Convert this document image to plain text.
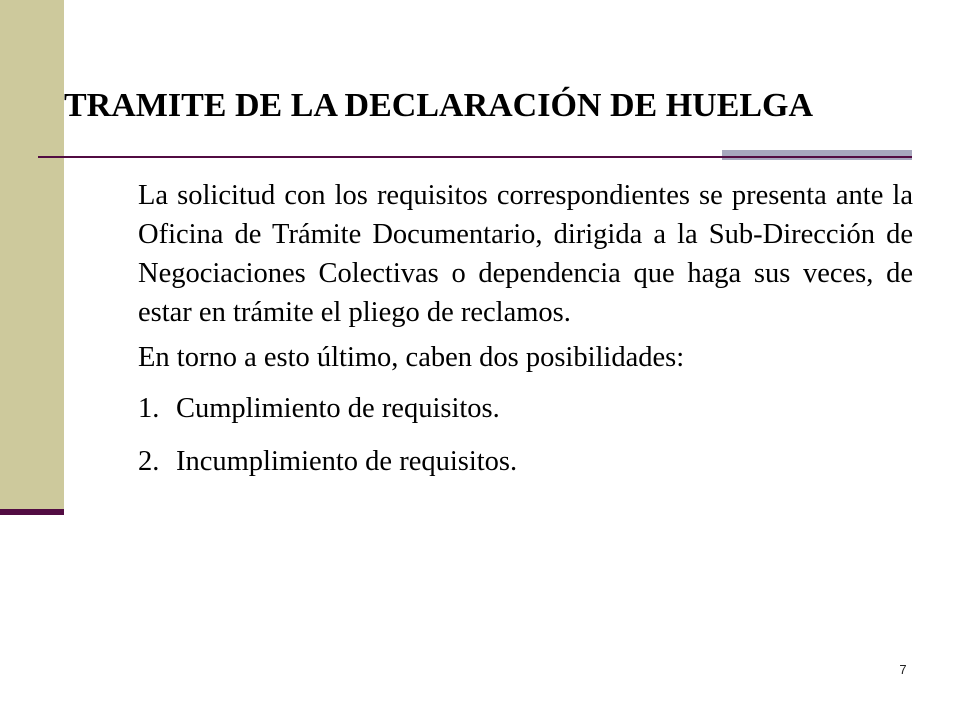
TRAMITE DE LA DECLARACIÓN DE HUELGA

La solicitud con los requisitos correspondientes se presenta ante la Oficina de Trámite Documentario, dirigida a la Sub-Dirección de Negociaciones Colectivas o dependencia que haga sus veces, de estar en trámite el pliego de reclamos.

En torno a esto último, caben dos posibilidades:

1. Cumplimiento de requisitos.
2. Incumplimiento de requisitos.
7
